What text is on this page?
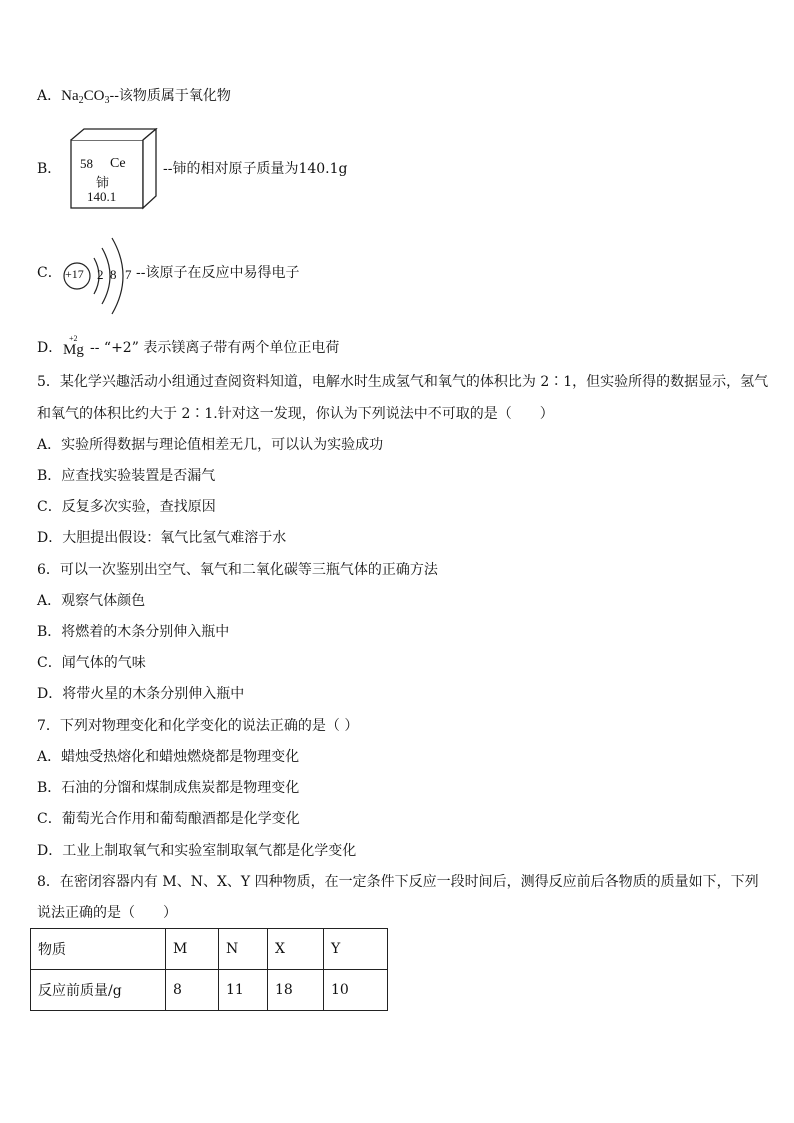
A．$Na_2CO_3--$该物质属于氧化物
B． 58 Ce
铈
140.1
--铈的相对原子质量为140.1g
C． +17 2 8 7 --该原子在反应中易得电子
D．
+2
Mg -- “+2” 表示镁离子带有两个单位正电荷
5．某化学兴趣活动小组通过查阅资料知道，电解水时生成氢气和氧气的体积比为 2∶1，但实验所得的数据显示，氢气
和氧气的体积比约大于 2∶1.针对这一发现，你认为下列说法中不可取的是（　　）
A．实验所得数据与理论值相差无几，可以认为实验成功
B．应查找实验装置是否漏气
C．反复多次实验，查找原因
D．大胆提出假设：氧气比氢气难溶于水
6．可以一次鉴别出空气、氧气和二氧化碳等三瓶气体的正确方法
A．观察气体颜色
B．将燃着的木条分别伸入瓶中
C．闻气体的气味
D．将带火星的木条分别伸入瓶中
7．下列对物理变化和化学变化的说法正确的是（ ）
A．蜡烛受热熔化和蜡烛燃烧都是物理变化
B．石油的分馏和煤制成焦炭都是物理变化
C．葡萄光合作用和葡萄酿酒都是化学变化
D．工业上制取氧气和实验室制取氧气都是化学变化
8．在密闭容器内有 M、N、X、Y 四种物质，在一定条件下反应一段时间后，测得反应前后各物质的质量如下，下列
说法正确的是（　　）
物质	M	N	X	Y
反应前质量/g	8	11	18	10
